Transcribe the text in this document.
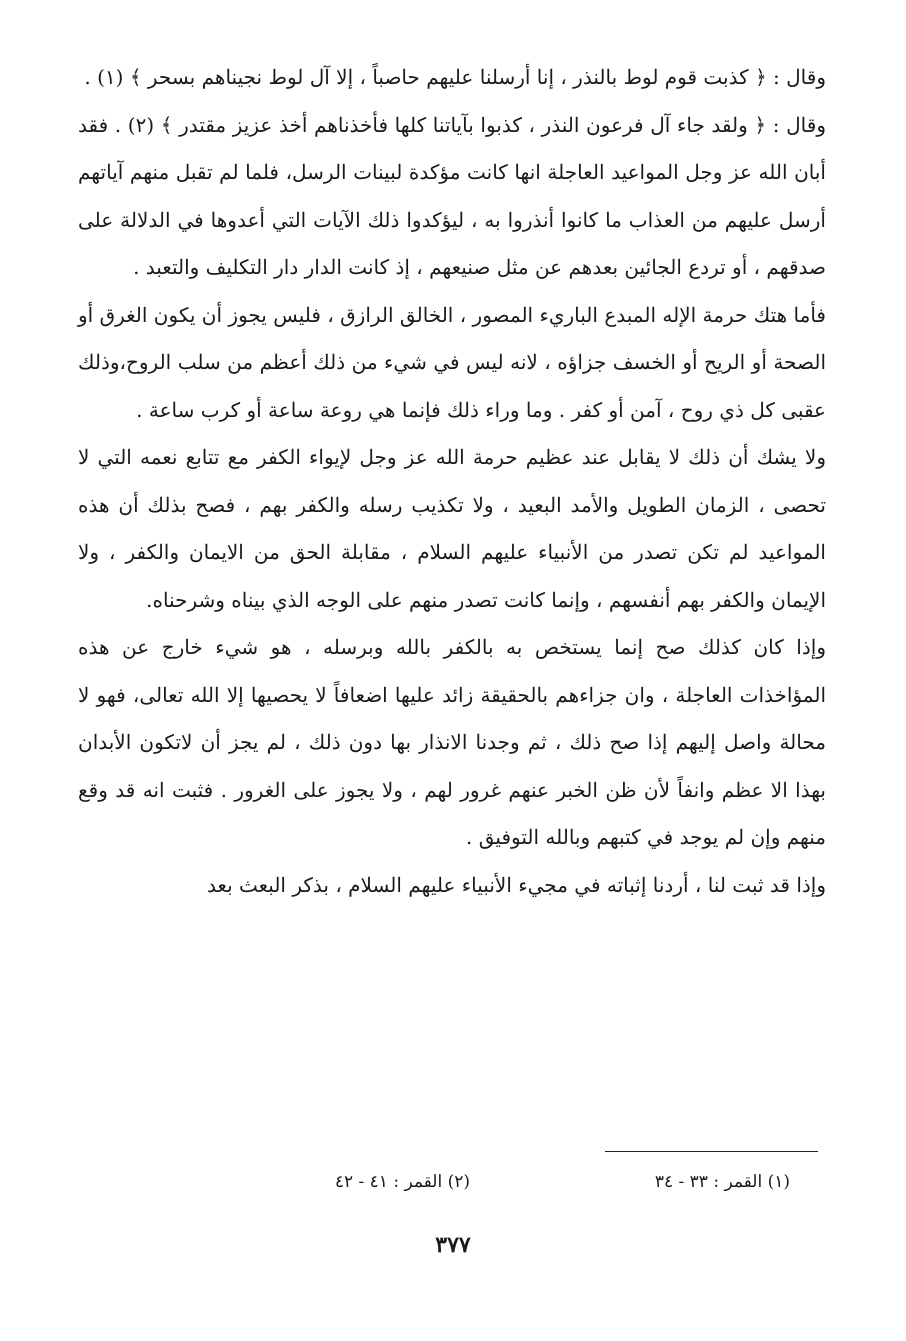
وقال : ﴿ كذبت قوم لوط بالنذر ، إنا أرسلنا عليهم حاصباً ، إلا آل لوط نجيناهم بسحر ﴾ (١) .

وقال : ﴿ ولقد جاء آل فرعون النذر ، كذبوا بآياتنا كلها فأخذناهم أخذ عزيز مقتدر ﴾ (٢) . فقد أبان الله عز وجل المواعيد العاجلة انها كانت مؤكدة لبينات الرسل، فلما لم تقبل منهم آياتهم أرسل عليهم من العذاب ما كانوا أنذروا به ، ليؤكدوا ذلك الآيات التي أعدوها في الدلالة على صدقهم ، أو تردع الجائين بعدهم عن مثل صنيعهم ، إذ كانت الدار دار التكليف والتعبد .

فأما هتك حرمة الإله المبدع الباريء المصور ، الخالق الرازق ، فليس يجوز أن يكون الغرق أو الصحة أو الريح أو الخسف جزاؤه ، لانه ليس في شيء من ذلك أعظم من سلب الروح،وذلك عقبى كل ذي روح ، آمن أو كفر . وما وراء ذلك فإنما هي روعة ساعة أو كرب ساعة .

ولا يشك أن ذلك لا يقابل عند عظيم حرمة الله عز وجل لإيواء الكفر مع تتابع نعمه التي لا تحصى ، الزمان الطويل والأمد البعيد ، ولا تكذيب رسله والكفر بهم ، فصح بذلك أن هذه المواعيد لم تكن تصدر من الأنبياء عليهم السلام ، مقابلة الحق من الايمان والكفر ، ولا الإيمان والكفر بهم أنفسهم ، وإنما كانت تصدر منهم على الوجه الذي بيناه وشرحناه.

وإذا كان كذلك صح إنما يستخص به بالكفر بالله وبرسله ، هو شيء خارج عن هذه المؤاخذات العاجلة ، وان جزاءهم بالحقيقة زائد عليها اضعافاً لا يحصيها إلا الله تعالى، فهو لا محالة واصل إليهم إذا صح ذلك ، ثم وجدنا الانذار بها دون ذلك ، لم يجز أن لاتكون الأبدان بهذا الا عظم وانفاً لأن ظن الخبر عنهم غرور لهم ، ولا يجوز على الغرور . فثبت انه قد وقع منهم وإن لم يوجد في كتبهم وبالله التوفيق .

وإذا قد ثبت لنا ، أردنا إثباته في مجيء الأنبياء عليهم السلام ، بذكر البعث بعد

(١) القمر : ٣٣ - ٣٤
(٢) القمر : ٤١ - ٤٢
٣٧٧
